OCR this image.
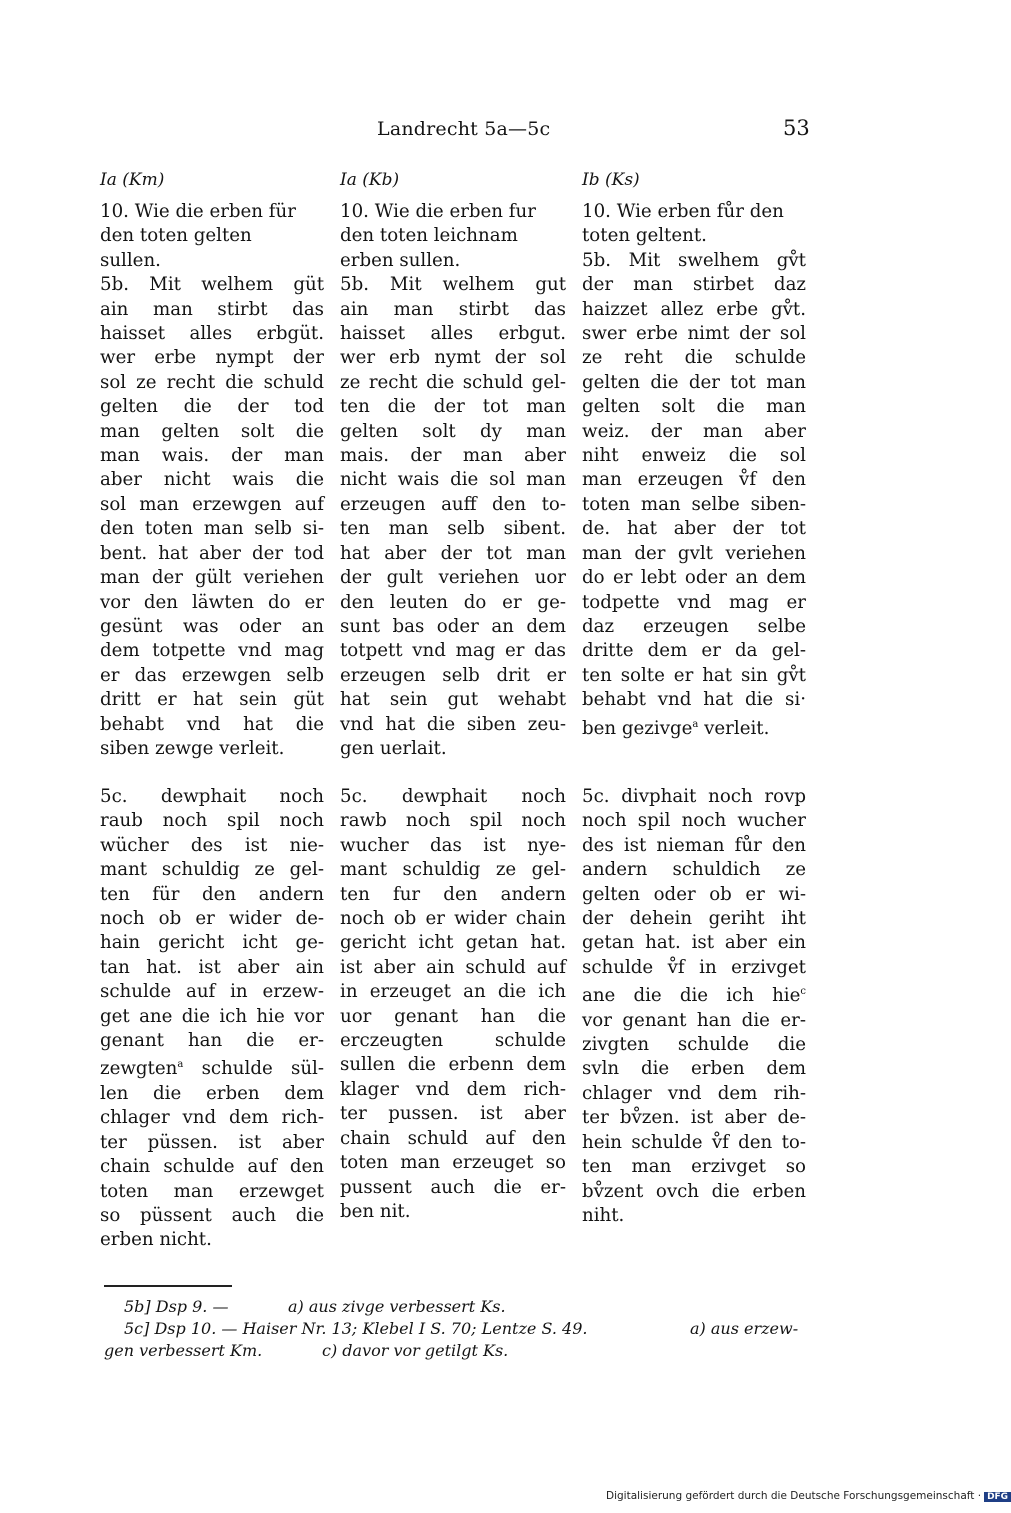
Landrecht 5a—5c	53
Ia (Km)
10. Wie die erben für
den toten gelten
sullen.
5b. Mit welhem güt
ain man stirbt das
haisset alles erbgüt.
wer erbe nympt der
sol ze recht die schuld
gelten die der tod
man gelten solt die
man wais. der man
aber nicht wais die
sol man erzewgen auf
den toten man selb si-
bent. hat aber der tod
man der gült veriehen
vor den läwten do er
gesünt was oder an
dem totpette vnd mag
er das erzewgen selb
dritt er hat sein güt
behabt vnd hat die
siben zewge verleit.
5c. dewphait noch
raub noch spil noch
wücher des ist nie-
mant schuldig ze gel-
ten für den andern
noch ob er wider de-
hain gericht icht ge-
tan hat. ist aber ain
schulde auf in erzew-
get ane die ich hie vor
genant han die er-
zewgten$^a$ schulde sül-
len die erben dem
chlager vnd dem rich-
ter püssen. ist aber
chain schulde auf den
toten man erzewget
so püssent auch die
erben nicht.
Ia (Kb)
10. Wie die erben fur
den toten leichnam
erben sullen.
5b. Mit welhem gut
ain man stirbt das
haisset alles erbgut.
wer erb nymt der sol
ze recht die schuld gel-
ten die der tot man
gelten solt dy man
mais. der man aber
nicht wais die sol man
erzeugen auff den to-
ten man selb sibent.
hat aber der tot man
der gult veriehen uor
den leuten do er ge-
sunt bas oder an dem
totpett vnd mag er das
erzeugen selb drit er
hat sein gut wehabt
vnd hat die siben zeu-
gen uerlait.
5c. dewphait noch
rawb noch spil noch
wucher das ist nye-
mant schuldig ze gel-
ten fur den andern
noch ob er wider chain
gericht icht getan hat.
ist aber ain schuld auf
in erzeuget an die ich
uor genant han die
erczeugten schulde
sullen die erbenn dem
klager vnd dem rich-
ter pussen. ist aber
chain schuld auf den
toten man erzeuget so
pussent auch die er-
ben nit.
Ib (Ks)
10. Wie erben fůr den
toten geltent.
5b. Mit swelhem gv̊t
der man stirbet daz
haizzet allez erbe gv̊t.
swer erbe nimt der sol
ze reht die schulde
gelten die der tot man
gelten solt die man
weiz. der man aber
niht enweiz die sol
man erzeugen v̊f den
toten man selbe siben-
de. hat aber der tot
man der gvlt veriehen
do er lebt oder an dem
todpette vnd mag er
daz erzeugen selbe
dritte dem er da gel-
ten solte er hat sin gv̊t
behabt vnd hat die si·
ben gezivge$^a$ verleit.
5c. divphait noch rovp
noch spil noch wucher
des ist nieman fůr den
andern schuldich ze
gelten oder ob er wi-
der dehein geriht iht
getan hat. ist aber ein
schulde v̊f in erzivget
ane die die ich hie$^c$
vor genant han die er-
zivgten schulde die
svln die erben dem
chlager vnd dem rih-
ter bv̊zen. ist aber de-
hein schulde v̊f den to-
ten man erzivget so
bv̊zent ovch die erben
niht.
5b] Dsp 9. —	a) aus zivge verbessert Ks.
5c] Dsp 10. — Haiser Nr. 13; Klebel I S. 70; Lentze S. 49.	a) aus erzew-
gen verbessert Km.	c) davor vor getilgt Ks.
Digitalisierung gefördert durch die Deutsche Forschungsgemeinschaft · DFG
